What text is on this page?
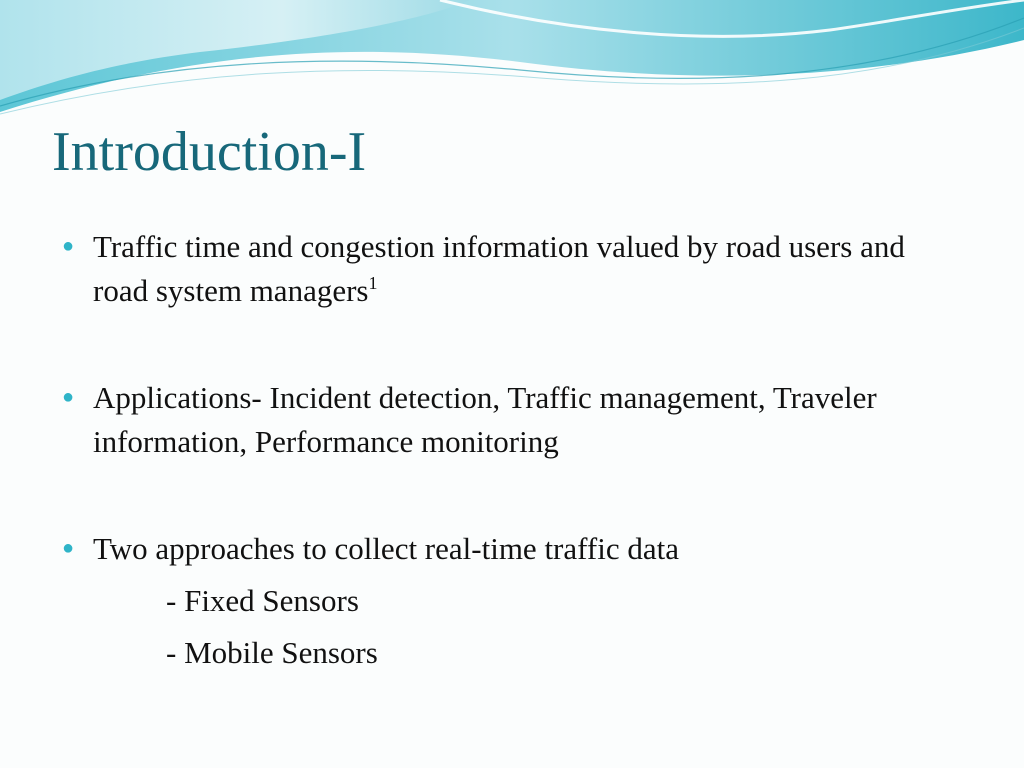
Introduction-I
● Traffic time and congestion information valued by road users and road system managers$^1$
● Applications- Incident detection, Traffic management, Traveler information, Performance monitoring
● Two approaches to collect real-time traffic data
- Fixed Sensors
- Mobile Sensors
